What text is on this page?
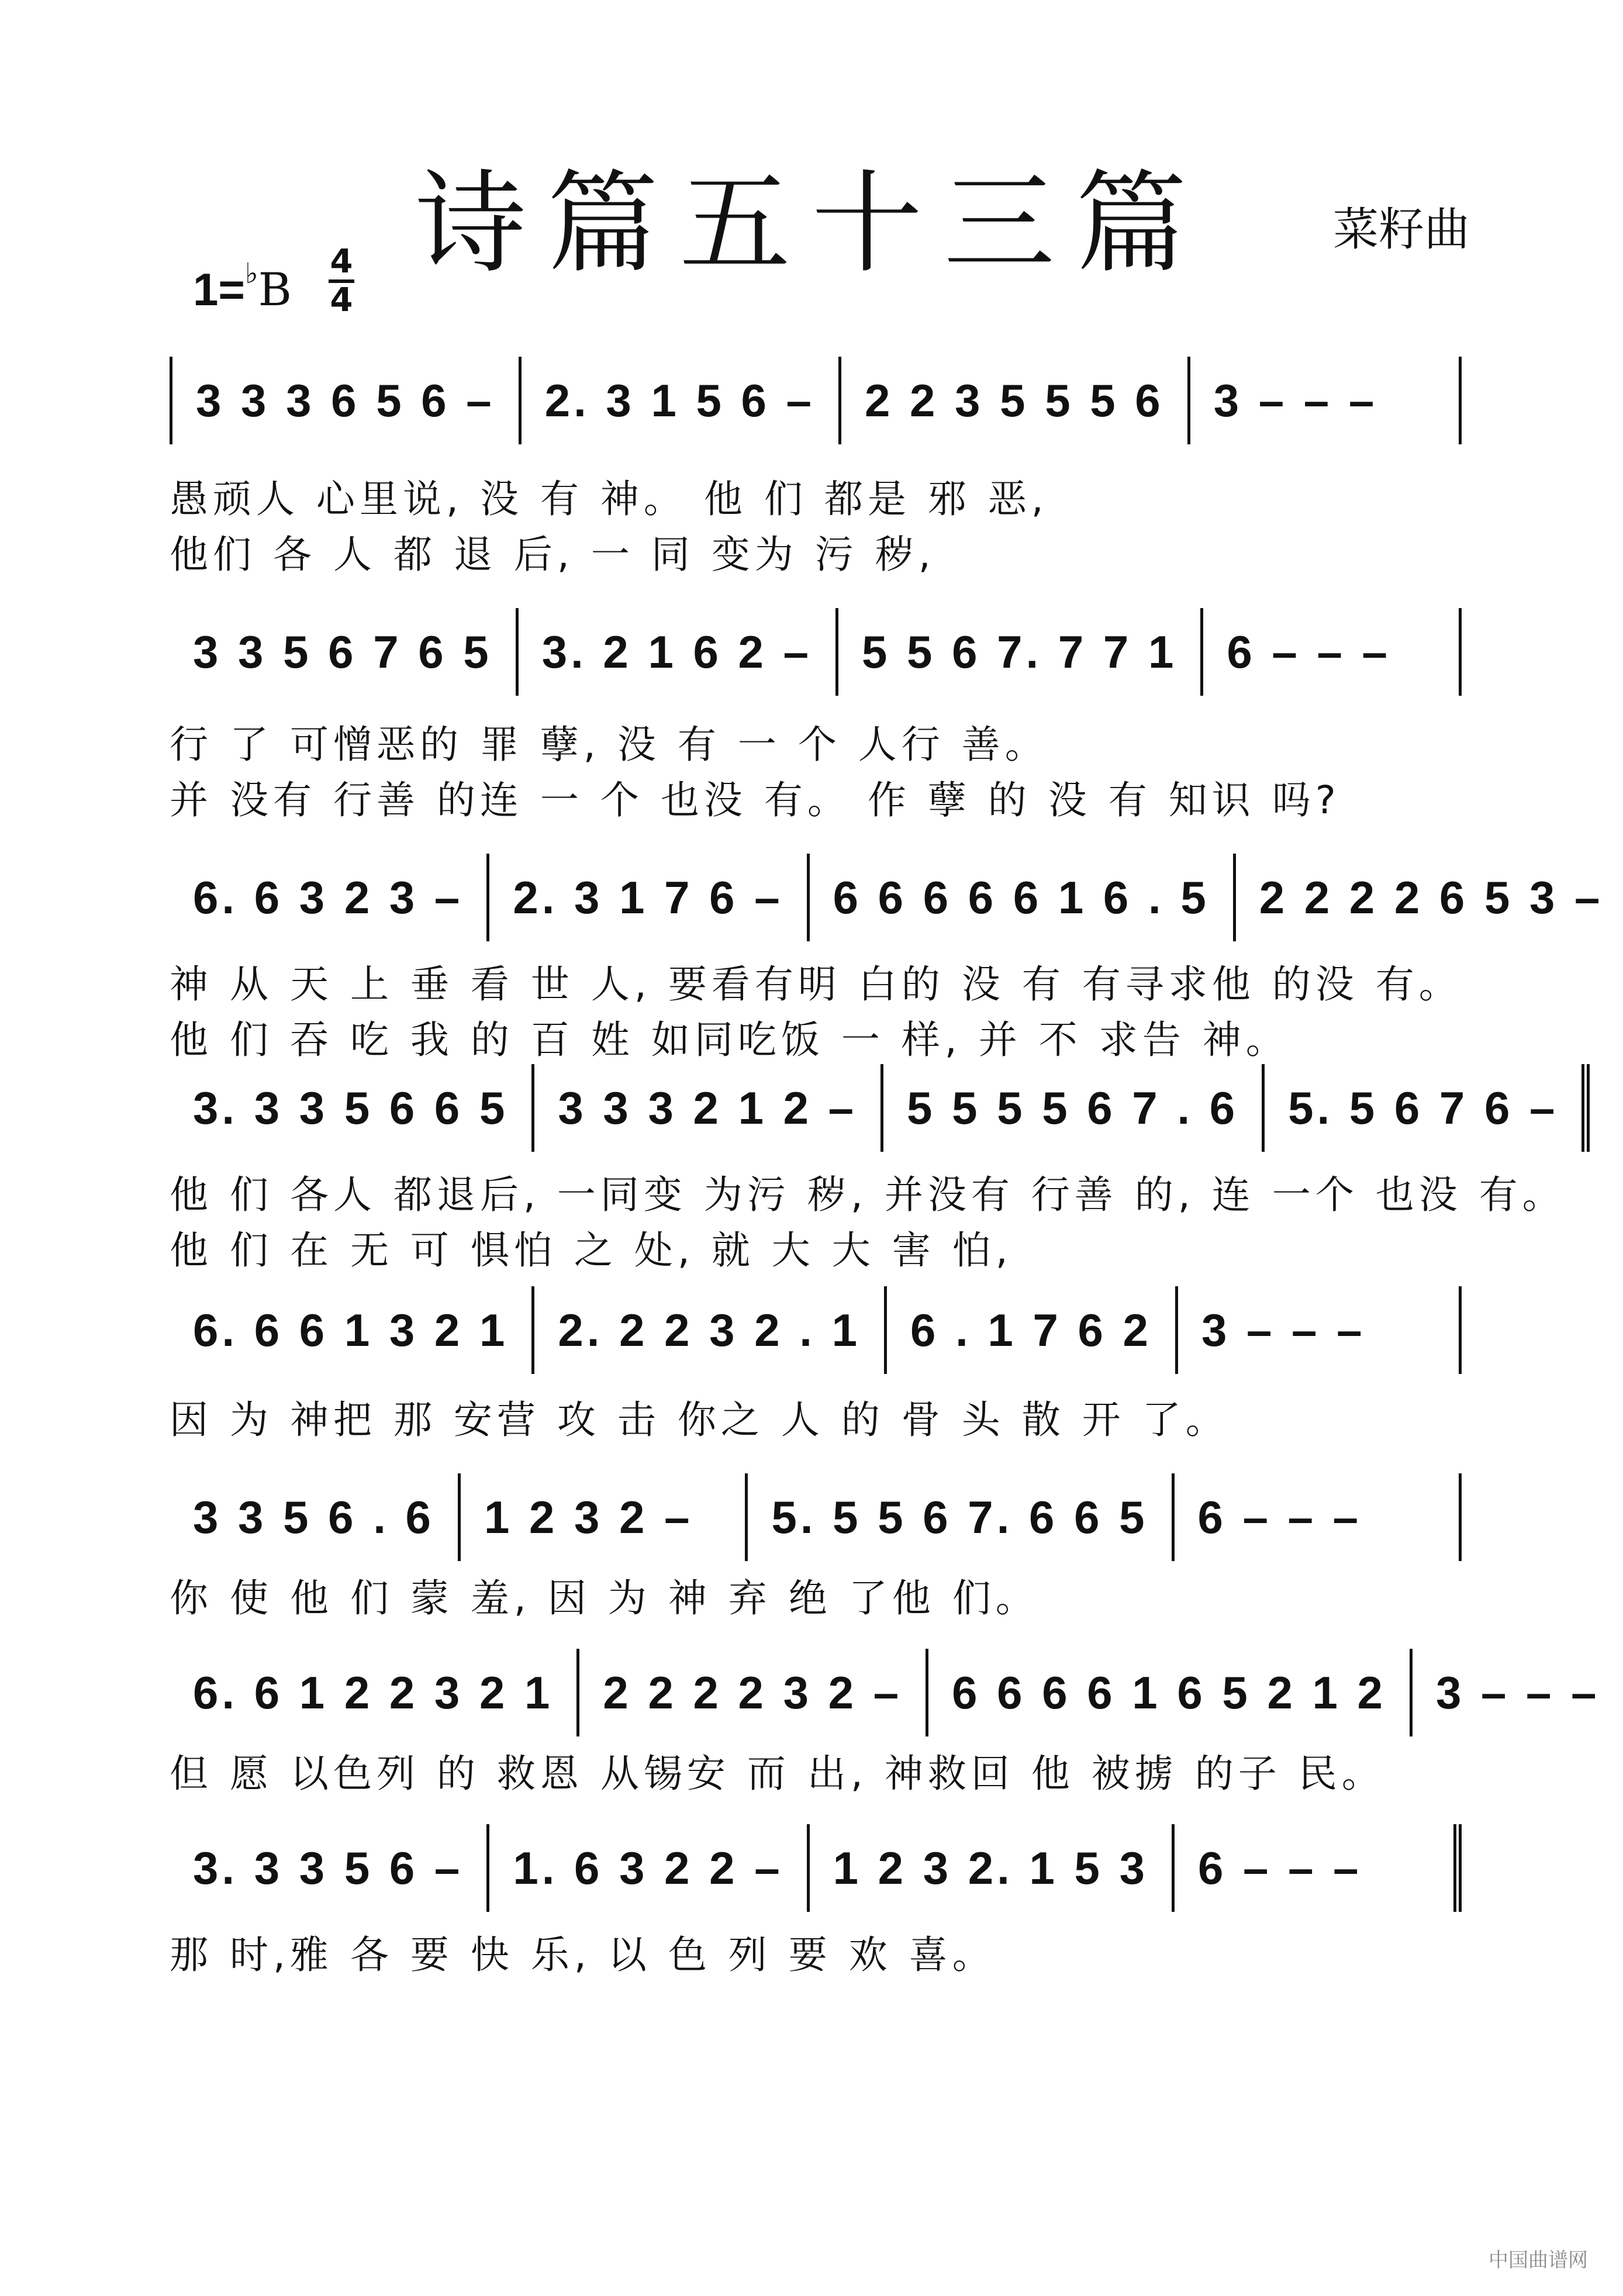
诗篇五十三篇	菜籽曲
1=♭B
4
4
3 3 3 6 5 6 – 2. 3 1 5 6 – 2 2 3 5 5 5 6 3 – – –
愚顽人 心里说, 没 有 神。 他 们 都是 邪 恶,
他们 各 人 都 退 后, 一 同 变为 污 秽,
3 3 5 6 7 6 5 3. 2 1 6 2 – 5 5 6 7. 7 7 1 6 – – –
行 了 可憎恶的 罪 孽, 没 有 一 个 人行 善。
并 没有 行善 的连 一 个 也没 有。 作 孽 的 没 有 知识 吗?
6. 6 3 2 3 – 2. 3 1 7 6 – 6 6 6 6 6 1 6 . 5 2 2 2 2 6 5 3 –
神 从 天 上 垂 看 世 人, 要看有明 白的 没 有 有寻求他 的没 有。
他 们 吞 吃 我 的 百 姓 如同吃饭 一 样, 并 不 求告 神。
3. 3 3 5 6 6 5 3 3 3 2 1 2 – 5 5 5 5 6 7 . 6 5. 5 6 7 6 –
他 们 各人 都退后, 一同变 为污 秽, 并没有 行善 的, 连 一个 也没 有。
他 们 在 无 可 惧怕 之 处, 就 大 大 害 怕,
6. 6 6 1 3 2 1 2. 2 2 3 2 . 1 6 . 1 7 6 2 3 – – –
因 为 神把 那 安营 攻 击 你之 人 的 骨 头 散 开 了。
3 3 5 6 . 6 1 2 3 2 – 5. 5 5 6 7. 6 6 5 6 – – –
你 使 他 们 蒙 羞, 因 为 神 弃 绝 了他 们。
6. 6 1 2 2 3 2 1 2 2 2 2 3 2 – 6 6 6 6 1 6 5 2 1 2 3 – – –
但 愿 以色列 的 救恩 从锡安 而 出, 神救回 他 被掳 的子 民。
3. 3 3 5 6 – 1. 6 3 2 2 – 1 2 3 2. 1 5 3 6 – – –
那 时,雅 各 要 快 乐, 以 色 列 要 欢 喜。
中国曲谱网
